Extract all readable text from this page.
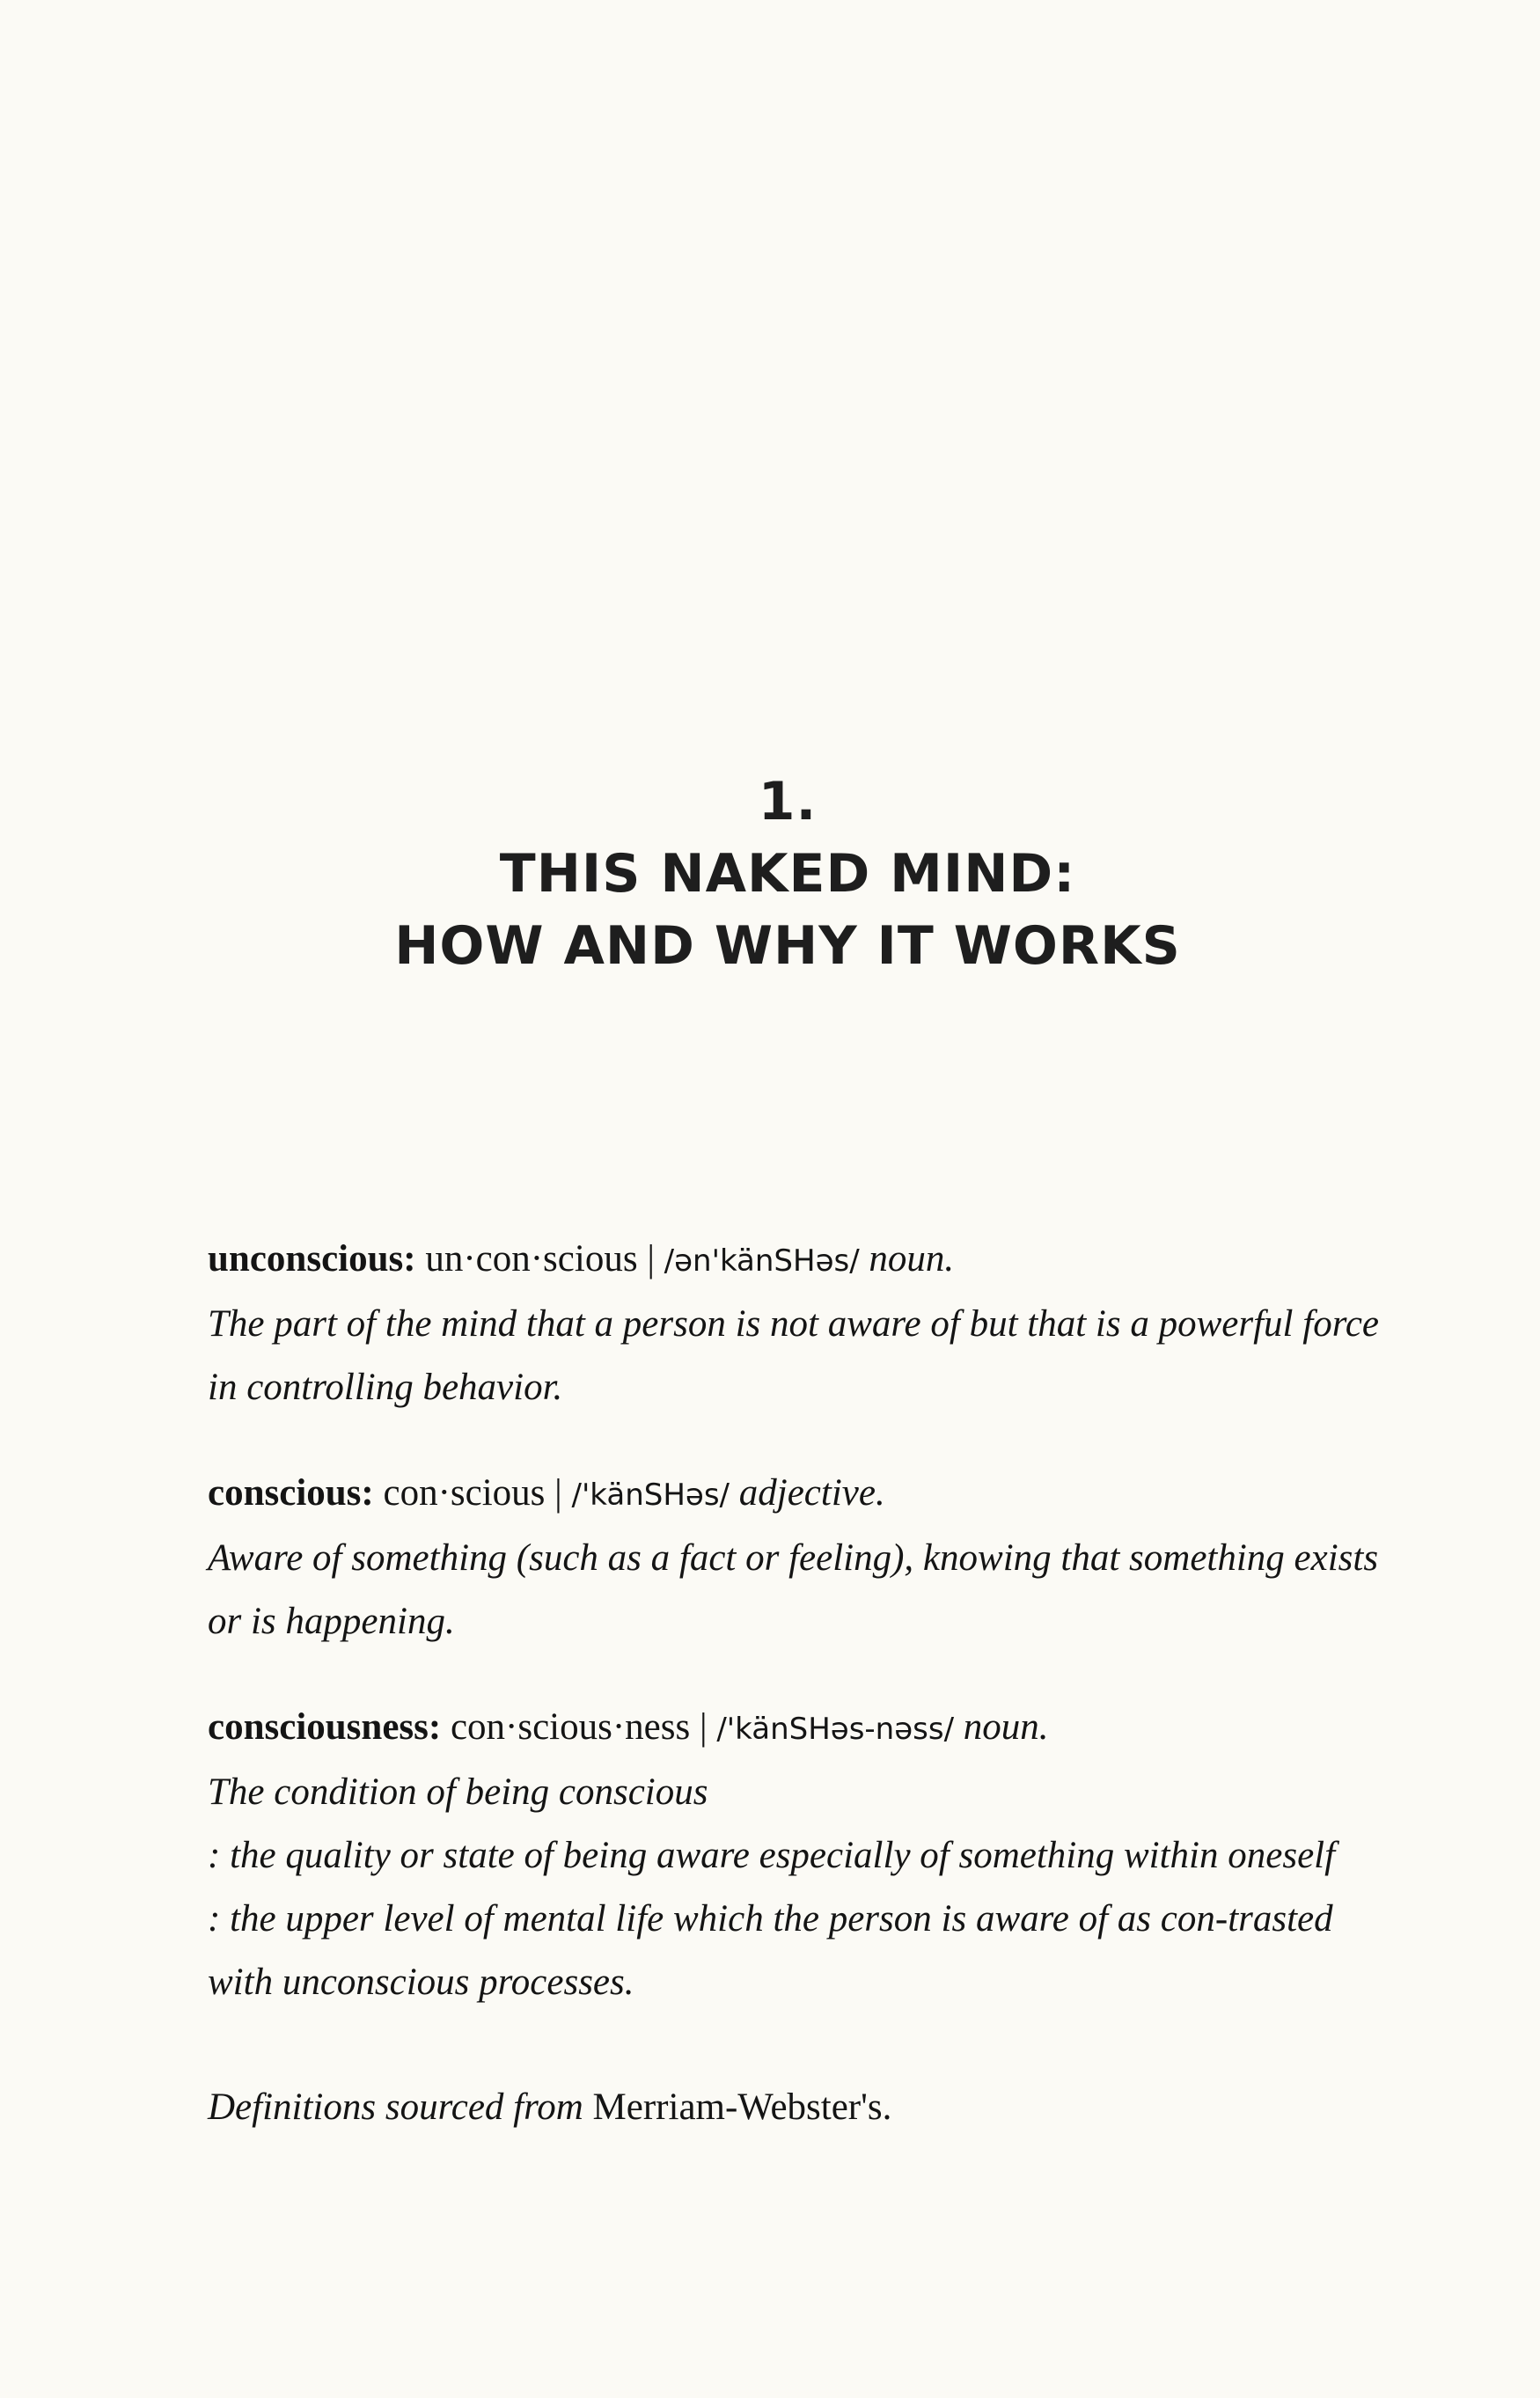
1.
THIS NAKED MIND:
HOW AND WHY IT WORKS

unconscious: un·con·scious | /ən'känSHəs/ noun.

The part of the mind that a person is not aware of but that is a powerful force in controlling behavior.

conscious: con·scious | /'känSHəs/ adjective.

Aware of something (such as a fact or feeling), knowing that something exists or is happening.

consciousness: con·scious·ness | /'känSHəs-nəss/ noun.

The condition of being conscious

: the quality or state of being aware especially of something within oneself

: the upper level of mental life which the person is aware of as con-trasted with unconscious processes.

Definitions sourced from Merriam-Webster's.
